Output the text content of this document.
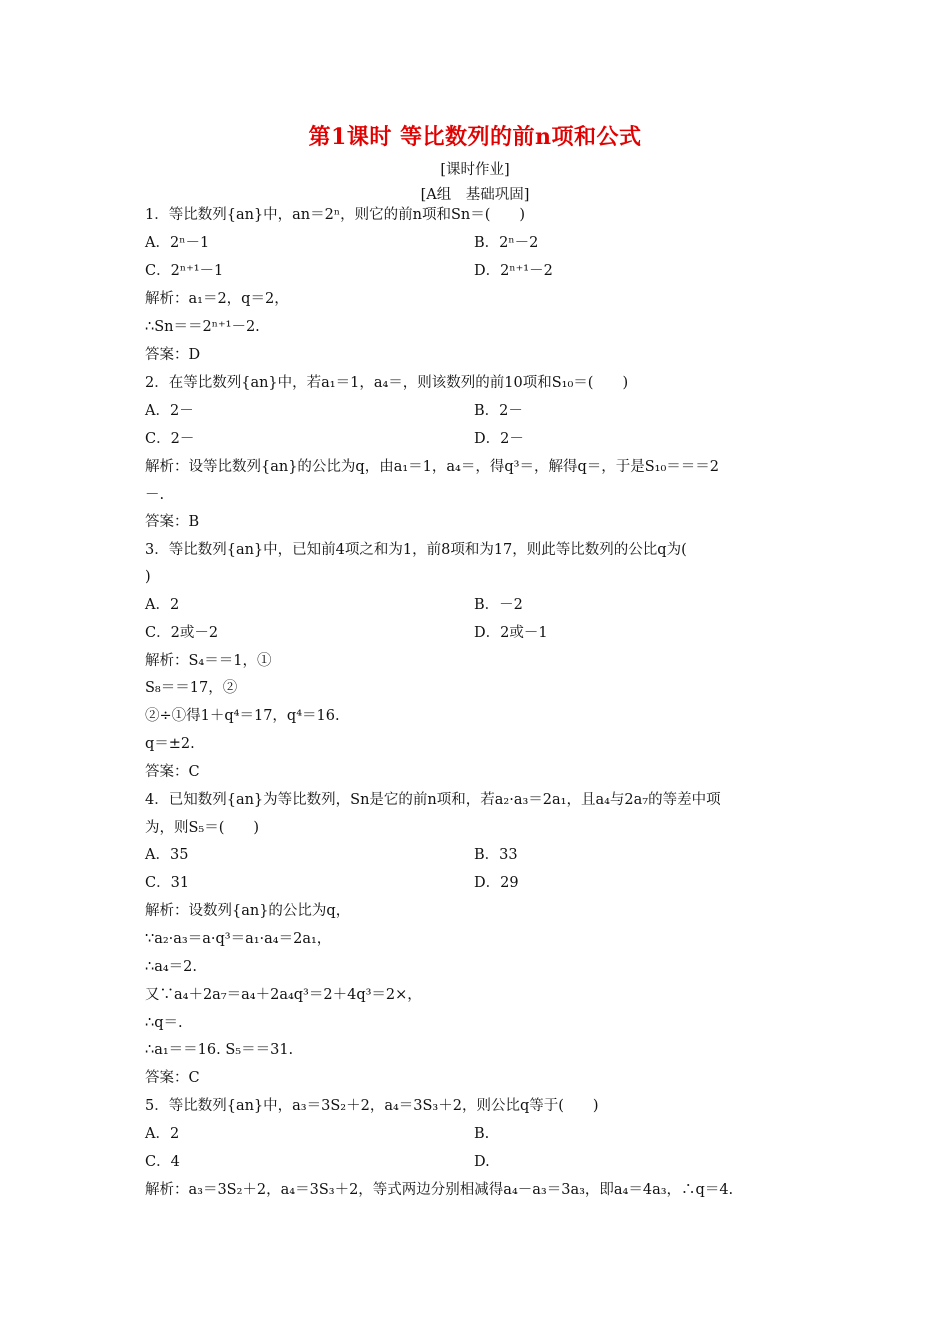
第1课时 等比数列的前n项和公式
[课时作业]
[A组　基础巩固]
1．等比数列{an}中，an＝2ⁿ，则它的前n项和Sn＝(　　)
A．2ⁿ－1	B．2ⁿ－2
C．2ⁿ⁺¹－1	D．2ⁿ⁺¹－2
解析：a₁＝2，q＝2，
∴Sn＝＝2ⁿ⁺¹－2.
答案：D
2．在等比数列{an}中，若a₁＝1，a₄＝，则该数列的前10项和S₁₀＝(　　)
A．2－	B．2－
C．2－	D．2－
解析：设等比数列{an}的公比为q，由a₁＝1，a₄＝，得q³＝，解得q＝，于是S₁₀＝＝＝2
－.
答案：B
3．等比数列{an}中，已知前4项之和为1，前8项和为17，则此等比数列的公比q为(
)
A．2	B．－2
C．2或－2	D．2或－1
解析：S₄＝＝1，①
S₈＝＝17，②
②÷①得1＋q⁴＝17，q⁴＝16.
q＝±2.
答案：C
4．已知数列{an}为等比数列，Sn是它的前n项和，若a₂·a₃＝2a₁，且a₄与2a₇的等差中项
为，则S₅＝(　　)
A．35	B．33
C．31	D．29
解析：设数列{an}的公比为q，
∵a₂·a₃＝a·q³＝a₁·a₄＝2a₁，
∴a₄＝2.
又∵a₄＋2a₇＝a₄＋2a₄q³＝2＋4q³＝2×，
∴q＝.
∴a₁＝＝16. S₅＝＝31.
答案：C
5．等比数列{an}中，a₃＝3S₂＋2，a₄＝3S₃＋2，则公比q等于(　　)
A．2	B.
C．4	D.
解析：a₃＝3S₂＋2，a₄＝3S₃＋2，等式两边分别相减得a₄－a₃＝3a₃，即a₄＝4a₃，∴q＝4.
